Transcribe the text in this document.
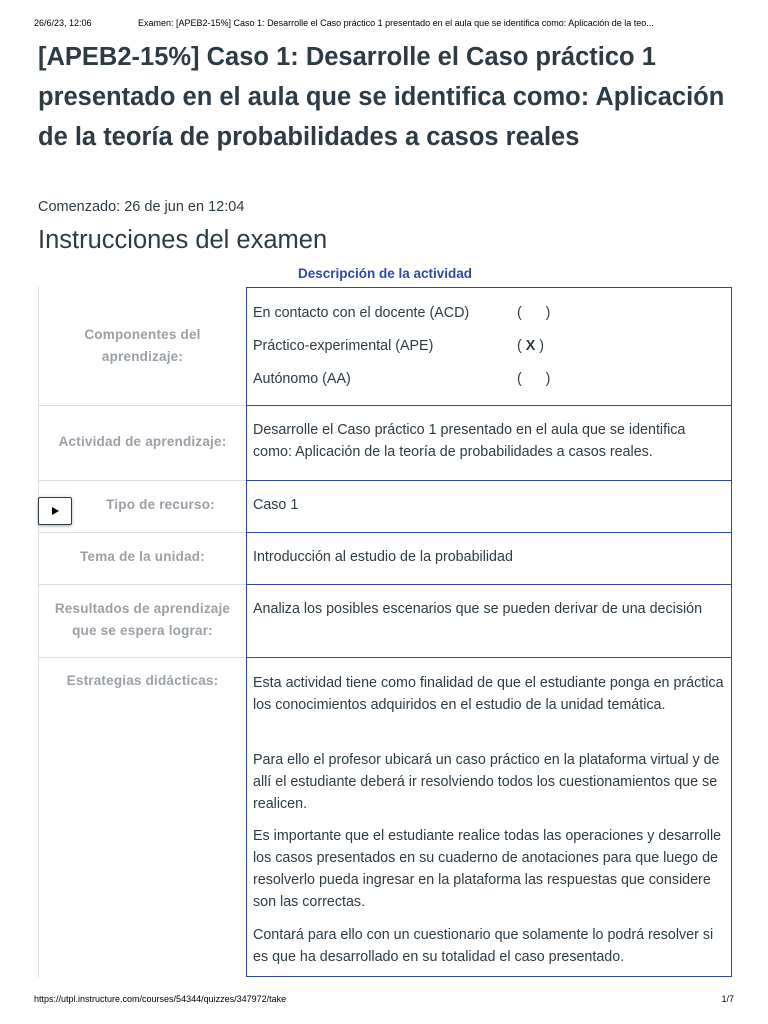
26/6/23, 12:06	Examen: [APEB2-15%] Caso 1: Desarrolle el Caso práctico 1 presentado en el aula que se identifica como: Aplicación de la teo...
[APEB2-15%] Caso 1: Desarrolle el Caso práctico 1 presentado en el aula que se identifica como: Aplicación de la teoría de probabilidades a casos reales
Comenzado: 26 de jun en 12:04
Instrucciones del examen
Descripción de la actividad
Componentes del aprendizaje:
En contacto con el docente (ACD)	( )
Práctico-experimental (APE)	( X )
Autónomo (AA)	( )
Actividad de aprendizaje:

Desarrolle el Caso práctico 1 presentado en el aula que se identifica como: Aplicación de la teoría de probabilidades a casos reales.

Tipo de recurso:	Caso 1

Tema de la unidad:	Introducción al estudio de la probabilidad

Resultados de aprendizaje que se espera lograr:

Analiza los posibles escenarios que se pueden derivar de una decisión

Estrategias didácticas:	Esta actividad tiene como finalidad de que el estudiante ponga en práctica los conocimientos adquiridos en el estudio de la unidad temática.

Para ello el profesor ubicará un caso práctico en la plataforma virtual y de allí el estudiante deberá ir resolviendo todos los cuestionamientos que se realicen.

Es importante que el estudiante realice todas las operaciones y desarrolle los casos presentados en su cuaderno de anotaciones para que luego de resolverlo pueda ingresar en la plataforma las respuestas que considere son las correctas.

Contará para ello con un cuestionario que solamente lo podrá resolver si es que ha desarrollado en su totalidad el caso presentado.

https://utpl.instructure.com/courses/54344/quizzes/347972/take	1/7
